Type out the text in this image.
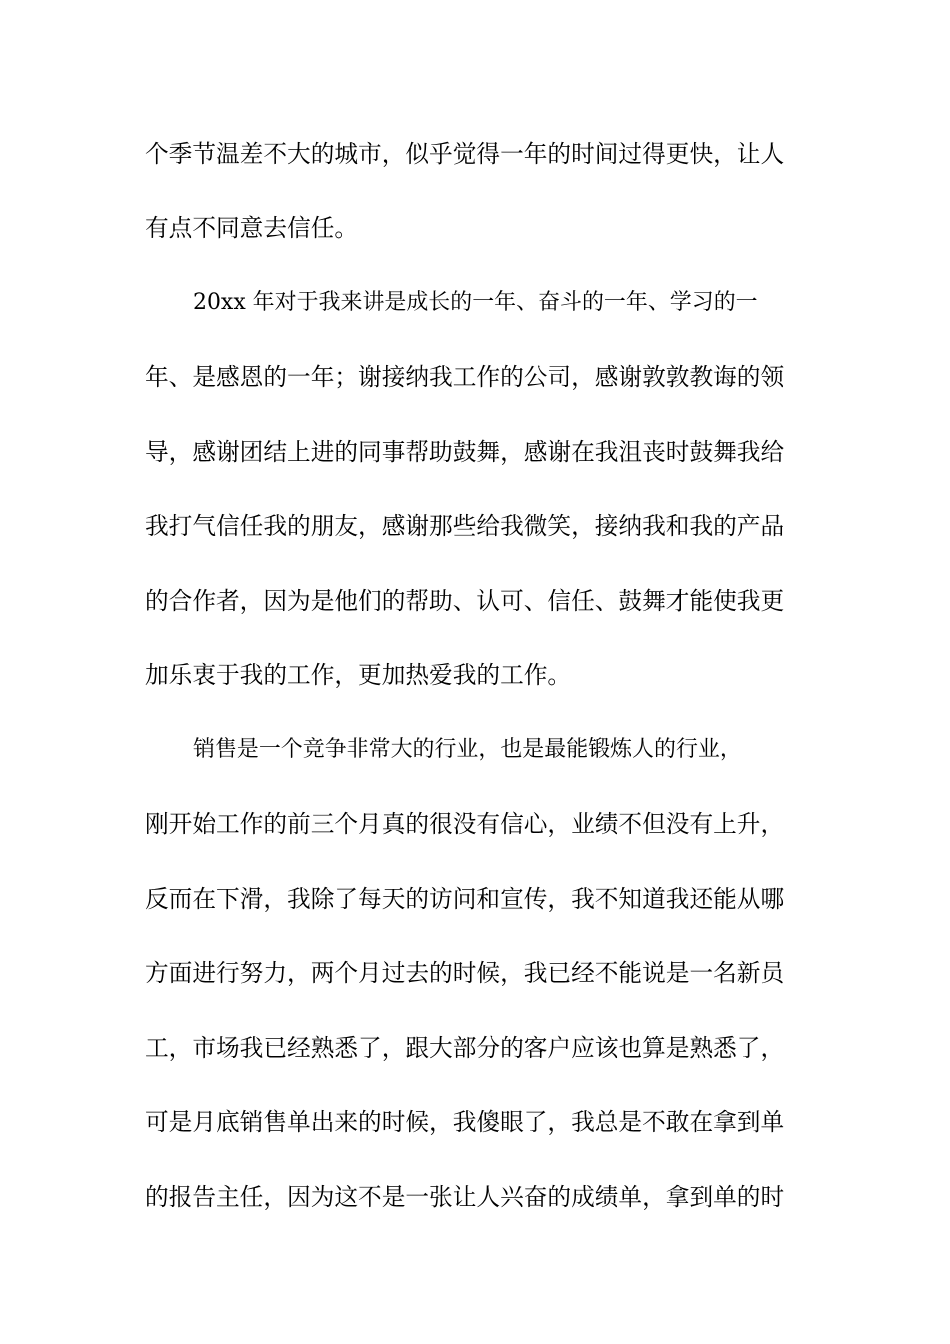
个季节温差不大的城市，似乎觉得一年的时间过得更快，让人
有点不同意去信任。
20xx 年对于我来讲是成长的一年、奋斗的一年、学习的一
年、是感恩的一年；谢接纳我工作的公司，感谢敦敦教诲的领
导，感谢团结上进的同事帮助鼓舞，感谢在我沮丧时鼓舞我给
我打气信任我的朋友，感谢那些给我微笑，接纳我和我的产品
的合作者，因为是他们的帮助、认可、信任、鼓舞才能使我更
加乐衷于我的工作，更加热爱我的工作。
销售是一个竞争非常大的行业，也是最能锻炼人的行业，
刚开始工作的前三个月真的很没有信心，业绩不但没有上升，
反而在下滑，我除了每天的访问和宣传，我不知道我还能从哪
方面进行努力，两个月过去的时候，我已经不能说是一名新员
工，市场我已经熟悉了，跟大部分的客户应该也算是熟悉了，
可是月底销售单出来的时候，我傻眼了，我总是不敢在拿到单
的报告主任，因为这不是一张让人兴奋的成绩单，拿到单的时
